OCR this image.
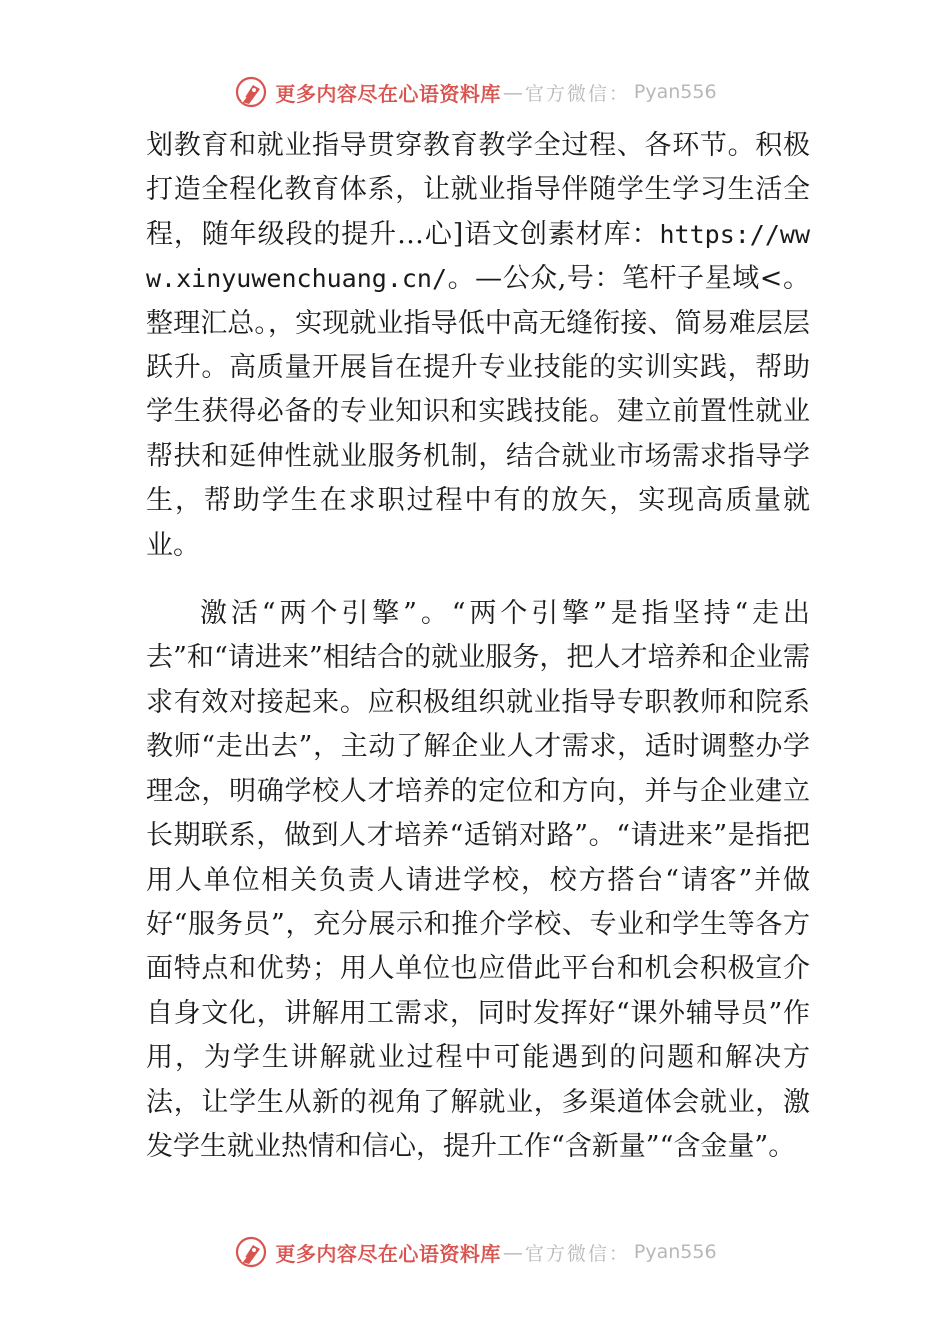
更多内容尽在心语资料库 — 官方微信： Pyan556

划教育和就业指导贯穿教育教学全过程、各环节。积极打造全程化教育体系，让就业指导伴随学生学习生活全程，随年级段的提升…心]语文创素材库：https://www.xinyuwenchuang.cn/。—公众,号：笔杆子星域<。整理汇总。，实现就业指导低中高无缝衔接、简易难层层跃升。高质量开展旨在提升专业技能的实训实践，帮助学生获得必备的专业知识和实践技能。建立前置性就业帮扶和延伸性就业服务机制，结合就业市场需求指导学生，帮助学生在求职过程中有的放矢，实现高质量就业。

激活“两个引擎”。“两个引擎”是指坚持“走出去”和“请进来”相结合的就业服务，把人才培养和企业需求有效对接起来。应积极组织就业指导专职教师和院系教师“走出去”，主动了解企业人才需求，适时调整办学理念，明确学校人才培养的定位和方向，并与企业建立长期联系，做到人才培养“适销对路”。“请进来”是指把用人单位相关负责人请进学校，校方搭台“请客”并做好“服务员”，充分展示和推介学校、专业和学生等各方面特点和优势；用人单位也应借此平台和机会积极宣介自身文化，讲解用工需求，同时发挥好“课外辅导员”作用，为学生讲解就业过程中可能遇到的问题和解决方法，让学生从新的视角了解就业，多渠道体会就业，激发学生就业热情和信心，提升工作“含新量”“含金量”。

更多内容尽在心语资料库 — 官方微信： Pyan556
